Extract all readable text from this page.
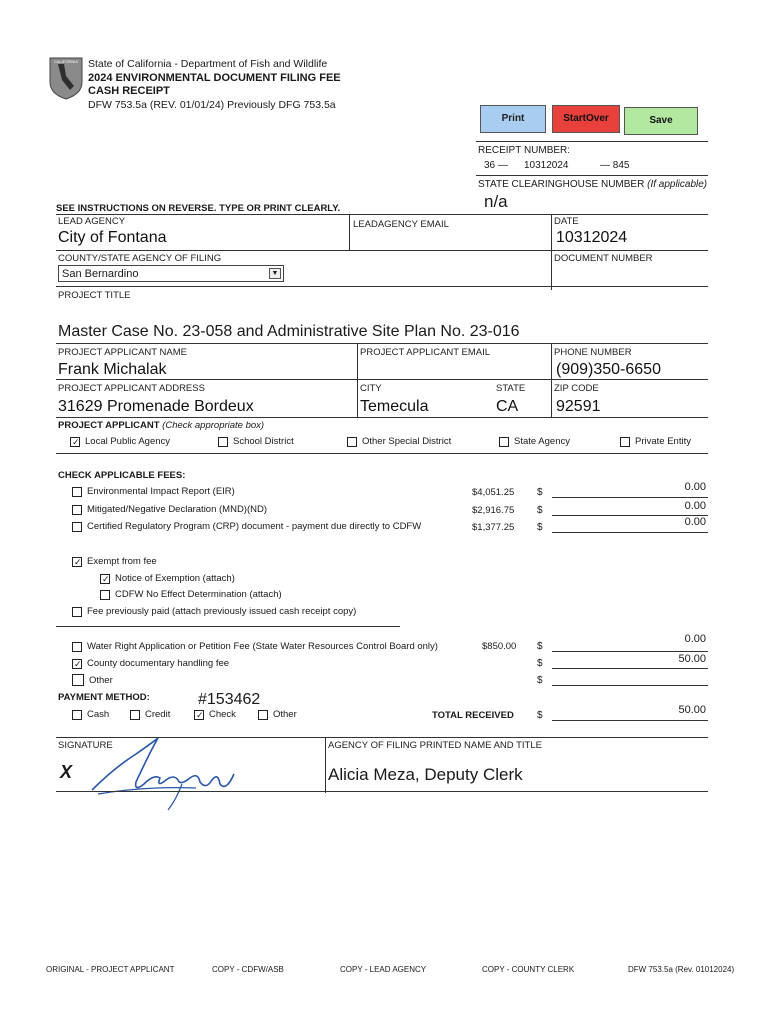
CALIFORNIA State of California - Department of Fish and Wildlife
2024 ENVIRONMENTAL DOCUMENT FILING FEE
CASH RECEIPT
DFW 753.5a (REV. 01/01/24) Previously DFG 753.5a
Print	StartOver	Save
RECEIPT NUMBER:
36 — 10312024	— 845
STATE CLEARINGHOUSE NUMBER (If applicable)
n/a
SEE INSTRUCTIONS ON REVERSE. TYPE OR PRINT CLEARLY.
LEAD AGENCY
City of Fontana
LEADAGENCY EMAIL	DATE
10312024
COUNTY/STATE AGENCY OF FILING
San Bernardino	▼
DOCUMENT NUMBER
PROJECT TITLE
Master Case No. 23-058 and Administrative Site Plan No. 23-016
PROJECT APPLICANT NAME
Frank Michalak
PROJECT APPLICANT EMAIL	PHONE NUMBER
(909)350-6650
PROJECT APPLICANT ADDRESS
31629 Promenade Bordeux
CITY
Temecula
STATE
CA
ZIP CODE
92591
PROJECT APPLICANT (Check appropriate box)
✓
Local Public Agency	School District	Other Special District	State Agency	Private Entity
CHECK APPLICABLE FEES:
Environmental Impact Report (EIR)	$4,051.25 $	0.00
Mitigated/Negative Declaration (MND)(ND)	$2,916.75 $	0.00
Certified Regulatory Program (CRP) document - payment due directly to CDFW	$1,377.25 $	0.00
✓
Exempt from fee
✓
Notice of Exemption (attach)
CDFW No Effect Determination (attach)
Fee previously paid (attach previously issued cash receipt copy)
Water Right Application or Petition Fee (State Water Resources Control Board only)	$850.00 $
0.00
✓
County documentary handling fee	$	50.00
Other	$
PAYMENT METHOD:	#153462
Cash	Credit
✓	Check	Other	TOTAL RECEIVED $	50.00
SIGNATURE
X
AGENCY OF FILING PRINTED NAME AND TITLE
Alicia Meza, Deputy Clerk
ORIGINAL - PROJECT APPLICANT	COPY - CDFW/ASB	COPY - LEAD AGENCY	COPY - COUNTY CLERK	DFW 753.5a (Rev. 01012024)
